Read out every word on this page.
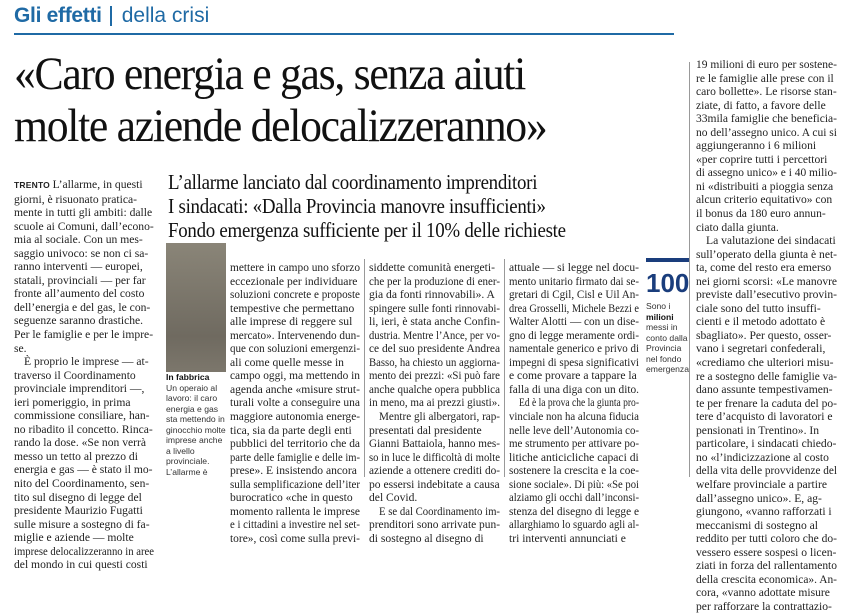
Gli effetti della crisi
«Caro energia e gas, senza aiuti
molte aziende delocalizzeranno»
L’allarme lanciato dal coordinamento imprenditori
I sindacati: «Dalla Provincia manovre insufficienti»
Fondo emergenza sufficiente per il 10% delle richieste
TRENTO L’allarme, in questi
giorni, è risuonato pratica-
mente in tutti gli ambiti: dalle
scuole ai Comuni, dall’econo-
mia al sociale. Con un mes-
saggio univoco: se non ci sa-
ranno interventi — europei,
statali, provinciali — per far
fronte all’aumento del costo
dell’energia e del gas, le con-
seguenze saranno drastiche.
Per le famiglie e per le impre-
se.
È proprio le imprese — at-
traverso il Coordinamento
provinciale imprenditori —,
ieri pomeriggio, in prima
commissione consiliare, han-
no ribadito il concetto. Rinca-
rando la dose. «Se non verrà
messo un tetto al prezzo di
energia e gas — è stato il mo-
nito del Coordinamento, sen-
tito sul disegno di legge del
presidente Maurizio Fugatti
sulle misure a sostegno di fa-
miglie e aziende — molte
imprese delocalizzeranno in aree
del mondo in cui questi costi
In fabbrica
Un operaio al lavoro: il caro energia e gas sta mettendo in ginocchio molte imprese anche a livello provinciale. L’allarme è
mettere in campo uno sforzo
eccezionale per individuare
soluzioni concrete e proposte
tempestive che permettano
alle imprese di reggere sul
mercato». Intervenendo dun-
que con soluzioni emergenzi-
ali come quelle messe in
campo oggi, ma mettendo in
agenda anche «misure strut-
turali volte a conseguire una
maggiore autonomia energe-
tica, sia da parte degli enti
pubblici del territorio che da
parte delle famiglie e delle im-
prese». E insistendo ancora
sulla semplificazione dell’iter
burocratico «che in questo
momento rallenta le imprese
e i cittadini a investire nel set-
tore», così come sulla previ-
siddette comunità energeti-
che per la produzione di ener-
gia da fonti rinnovabili». A
spingere sulle fonti rinnovabi-
li, ieri, è stata anche Confin-
dustria. Mentre l’Ance, per vo-
ce del suo presidente Andrea
Basso, ha chiesto un aggiorna-
mento dei prezzi: «Si può fare
anche qualche opera pubblica
in meno, ma ai prezzi giusti».
Mentre gli albergatori, rap-
presentati dal presidente
Gianni Battaiola, hanno mes-
so in luce le difficoltà di molte
aziende a ottenere crediti do-
po essersi indebitate a causa
del Covid.
E se dal Coordinamento im-
prenditori sono arrivate pun-
di sostegno al disegno di
attuale — si legge nel docu-
mento unitario firmato dai se-
gretari di Cgil, Cisl e Uil An-
drea Grosselli, Michele Bezzi e
Walter Alotti — con un dise-
gno di legge meramente ordi-
namentale generico e privo di
impegni di spesa significativi
e come provare a tappare la
falla di una diga con un dito.
Ed è la prova che la giunta pro-
vinciale non ha alcuna fiducia
nelle leve dell’Autonomia co-
me strumento per attivare po-
litiche anticicliche capaci di
sostenere la crescita e la coe-
sione sociale». Di più: «Se poi
alziamo gli occhi dall’inconsi-
stenza del disegno di legge e
allarghiamo lo sguardo agli al-
tri interventi annunciati e
100
Sono i milioni messi in conto dalla Provincia nel fondo emergenza
19 milioni di euro per sostene-
re le famiglie alle prese con il
caro bollette». Le risorse stan-
ziate, di fatto, a favore delle
33mila famiglie che beneficia-
no dell’assegno unico. A cui si
aggiungeranno i 6 milioni
«per coprire tutti i percettori
di assegno unico» e i 40 milio-
ni «distribuiti a pioggia senza
alcun criterio equitativo» con
il bonus da 180 euro annun-
ciato dalla giunta.
La valutazione dei sindacati
sull’operato della giunta è net-
ta, come del resto era emerso
nei giorni scorsi: «Le manovre
previste dall’esecutivo provin-
ciale sono del tutto insuffi-
cienti e il metodo adottato è
sbagliato». Per questo, osser-
vano i segretari confederali,
«crediamo che ulteriori misu-
re a sostegno delle famiglie va-
dano assunte tempestivamen-
te per frenare la caduta del po-
tere d’acquisto di lavoratori e
pensionati in Trentino». In
particolare, i sindacati chiedo-
no «l’indicizzazione al costo
della vita delle provvidenze del
welfare provinciale a partire
dall’assegno unico». E, ag-
giungono, «vanno rafforzati i
meccanismi di sostegno al
reddito per tutti coloro che do-
vessero essere sospesi o licen-
ziati in forza del rallentamento
della crescita economica». An-
cora, «vanno adottate misure
per rafforzare la contrattazio-
